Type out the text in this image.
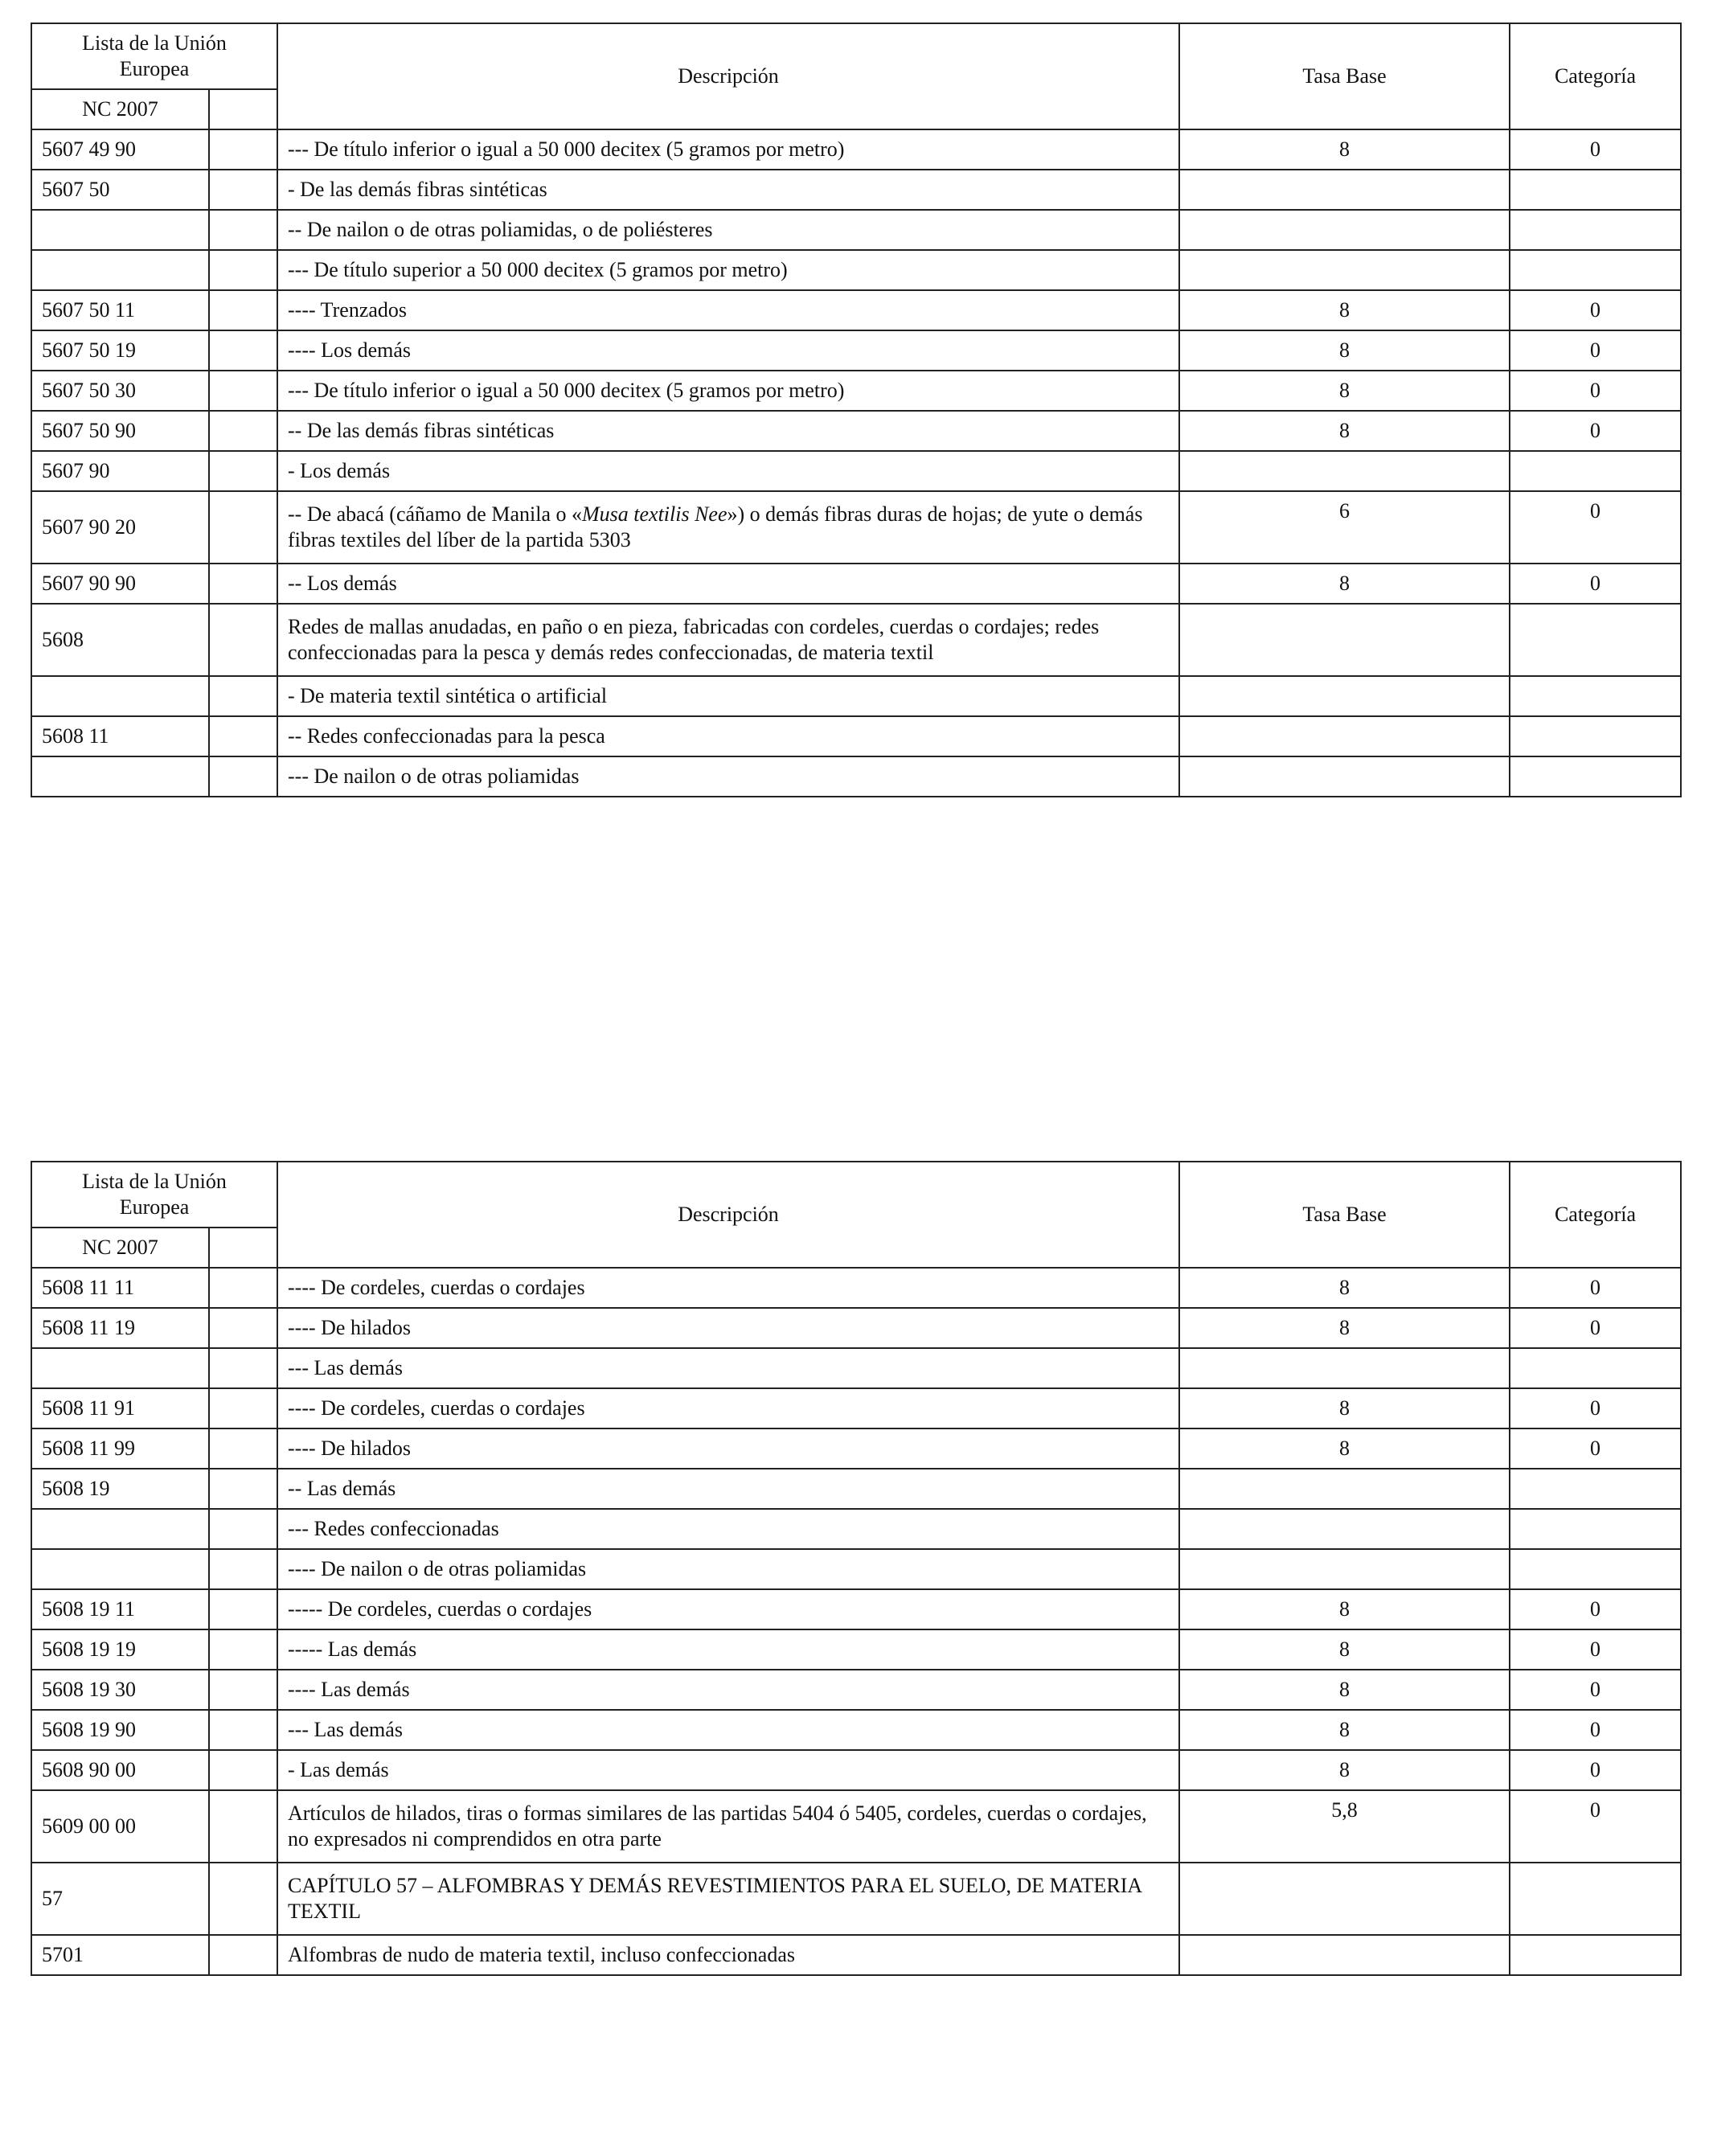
Lista de la Unión Europea		Descripción	Tasa Base	Categoría
NC 2007				
5607 49 90		--- De título inferior o igual a 50 000 decitex (5 gramos por metro)	8	0
5607 50		- De las demás fibras sintéticas		
		-- De nailon o de otras poliamidas, o de poliésteres		
		--- De título superior a 50 000 decitex (5 gramos por metro)		
5607 50 11		---- Trenzados	8	0
5607 50 19		---- Los demás	8	0
5607 50 30		--- De título inferior o igual a 50 000 decitex (5 gramos por metro)	8	0
5607 50 90		-- De las demás fibras sintéticas	8	0
5607 90		- Los demás		
5607 90 20		-- De abacá (cáñamo de Manila o «Musa textilis Nee») o demás fibras duras de hojas; de yute o demás fibras textiles del líber de la partida 5303	6	0
5607 90 90		-- Los demás	8	0
5608		Redes de mallas anudadas, en paño o en pieza, fabricadas con cordeles, cuerdas o cordajes; redes confeccionadas para la pesca y demás redes confeccionadas, de materia textil		
		- De materia textil sintética o artificial		
5608 11		-- Redes confeccionadas para la pesca		
		--- De nailon o de otras poliamidas		
Lista de la Unión Europea		Descripción	Tasa Base	Categoría
NC 2007				
5608 11 11		---- De cordeles, cuerdas o cordajes	8	0
5608 11 19		---- De hilados	8	0
		--- Las demás		
5608 11 91		---- De cordeles, cuerdas o cordajes	8	0
5608 11 99		---- De hilados	8	0
5608 19		-- Las demás		
		--- Redes confeccionadas		
		---- De nailon o de otras poliamidas		
5608 19 11		----- De cordeles, cuerdas o cordajes	8	0
5608 19 19		----- Las demás	8	0
5608 19 30		---- Las demás	8	0
5608 19 90		--- Las demás	8	0
5608 90 00		- Las demás	8	0
5609 00 00		Artículos de hilados, tiras o formas similares de las partidas 5404 ó 5405, cordeles, cuerdas o cordajes, no expresados ni comprendidos en otra parte	5,8	0
57		CAPÍTULO 57 – ALFOMBRAS Y DEMÁS REVESTIMIENTOS PARA EL SUELO, DE MATERIA TEXTIL		
5701		Alfombras de nudo de materia textil, incluso confeccionadas		
